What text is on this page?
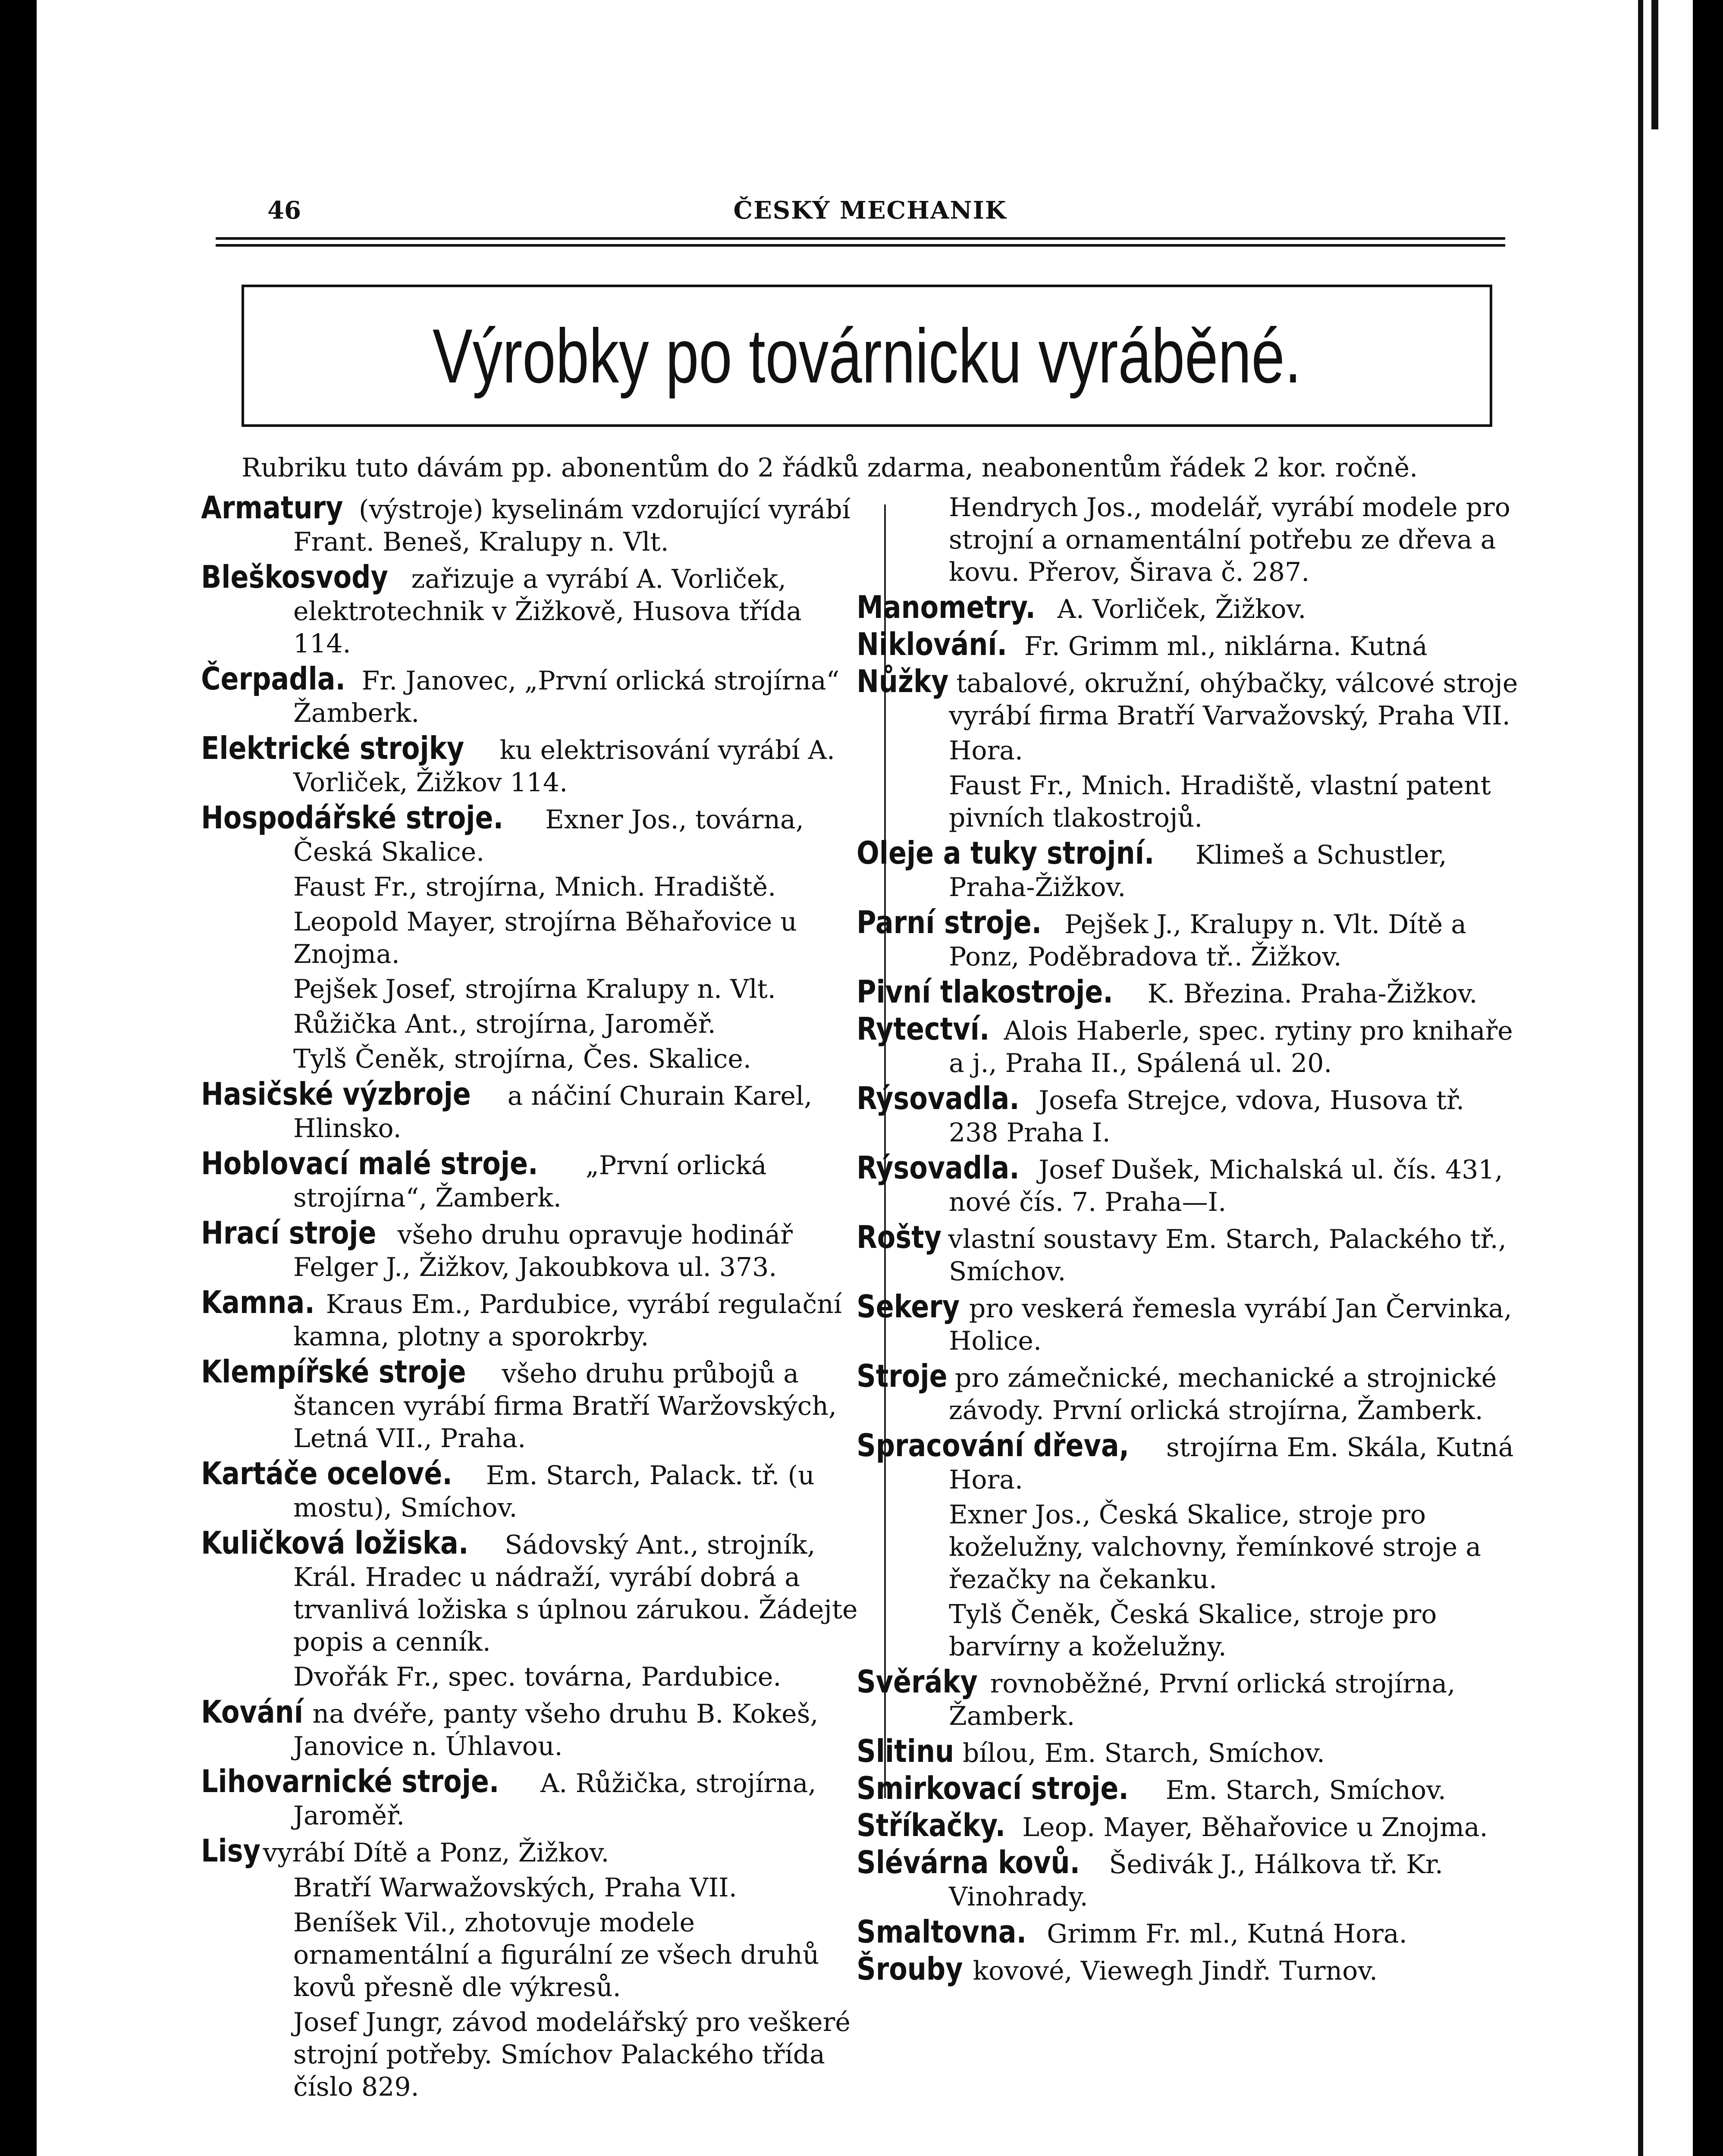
46	ČESKÝ MECHANIK
Výrobky po továrnicku vyráběné.
Rubriku tuto dávám pp. abonentům do 2 řádků zdarma, neabonentům řádek 2 kor. ročně.
Armatury (výstroje) kyselinám vzdorující vyrábí Frant. Beneš, Kralupy n. Vlt.
Bleškosvody zařizuje a vyrábí A. Vorliček, elektrotechnik v Žižkově, Husova třída 114.
Čerpadla. Fr. Janovec, „První orlická strojírna“ Žamberk.
Elektrické strojky ku elektrisování vyrábí A. Vorliček, Žižkov 114.
Hospodářské stroje. Exner Jos., továrna, Česká Skalice.
Faust Fr., strojírna, Mnich. Hradiště.
Leopold Mayer, strojírna Běhařovice u Znojma.
Pejšek Josef, strojírna Kralupy n. Vlt.
Růžička Ant., strojírna, Jaroměř.
Tylš Čeněk, strojírna, Čes. Skalice.
Hasičské výzbroje a náčiní Churain Karel, Hlinsko.
Hoblovací malé stroje. „První orlická strojírna“, Žamberk.
Hrací stroje všeho druhu opravuje hodinář Felger J., Žižkov, Jakoubkova ul. 373.
Kamna. Kraus Em., Pardubice, vyrábí regulační kamna, plotny a sporokrby.
Klempířské stroje všeho druhu průbojů a štancen vyrábí firma Bratří Waržovských, Letná VII., Praha.
Kartáče ocelové. Em. Starch, Palack. tř. (u mostu), Smíchov.
Kuličková ložiska. Sádovský Ant., strojník, Král. Hradec u nádraží, vyrábí dobrá a trvanlivá ložiska s úplnou zárukou. Žádejte popis a cenník.
Dvořák Fr., spec. továrna, Pardubice.
Kování na dvéře, panty všeho druhu B. Kokeš, Janovice n. Úhlavou.
Lihovarnické stroje. A. Růžička, strojírna, Jaroměř.
Lisy vyrábí Dítě a Ponz, Žižkov.
Bratří Warwažovských, Praha VII.
Beníšek Vil., zhotovuje modele ornamentální a figurální ze všech druhů kovů přesně dle výkresů.
Josef Jungr, závod modelářský pro veškeré strojní potřeby. Smíchov Palackého třída číslo 829.
Hendrych Jos., modelář, vyrábí modele pro strojní a ornamentální potřebu ze dřeva a kovu. Přerov, Širava č. 287.
Manometry. A. Vorliček, Žižkov.
Niklování. Fr. Grimm ml., niklárna. Kutná
Nůžky tabalové, okružní, ohýbačky, válcové stroje vyrábí firma Bratří Varvažovský, Praha VII.
Hora.
Faust Fr., Mnich. Hradiště, vlastní patent pivních tlakostrojů.
Oleje a tuky strojní. Klimeš a Schustler, Praha-Žižkov.
Parní stroje. Pejšek J., Kralupy n. Vlt. Dítě a Ponz, Poděbradova tř.. Žižkov.
Pivní tlakostroje. K. Březina. Praha-Žižkov.
Rytectví. Alois Haberle, spec. rytiny pro knihaře a j., Praha II., Spálená ul. 20.
Rýsovadla. Josefa Strejce, vdova, Husova tř. 238 Praha I.
Rýsovadla. Josef Dušek, Michalská ul. čís. 431, nové čís. 7. Praha—I.
Rošty vlastní soustavy Em. Starch, Palackého tř., Smíchov.
Sekery pro veskerá řemesla vyrábí Jan Červinka, Holice.
Stroje pro zámečnické, mechanické a strojnické závody. První orlická strojírna, Žamberk.
Spracování dřeva, strojírna Em. Skála, Kutná Hora.
Exner Jos., Česká Skalice, stroje pro koželužny, valchovny, řemínkové stroje a řezačky na čekanku.
Tylš Čeněk, Česká Skalice, stroje pro barvírny a koželužny.
Svěráky rovnoběžné, První orlická strojírna, Žamberk.
Slitinu bílou, Em. Starch, Smíchov.
Smirkovací stroje. Em. Starch, Smíchov.
Stříkačky. Leop. Mayer, Běhařovice u Znojma.
Slévárna kovů. Šedivák J., Hálkova tř. Kr. Vinohrady.
Smaltovna. Grimm Fr. ml., Kutná Hora.
Šrouby kovové, Viewegh Jindř. Turnov.
